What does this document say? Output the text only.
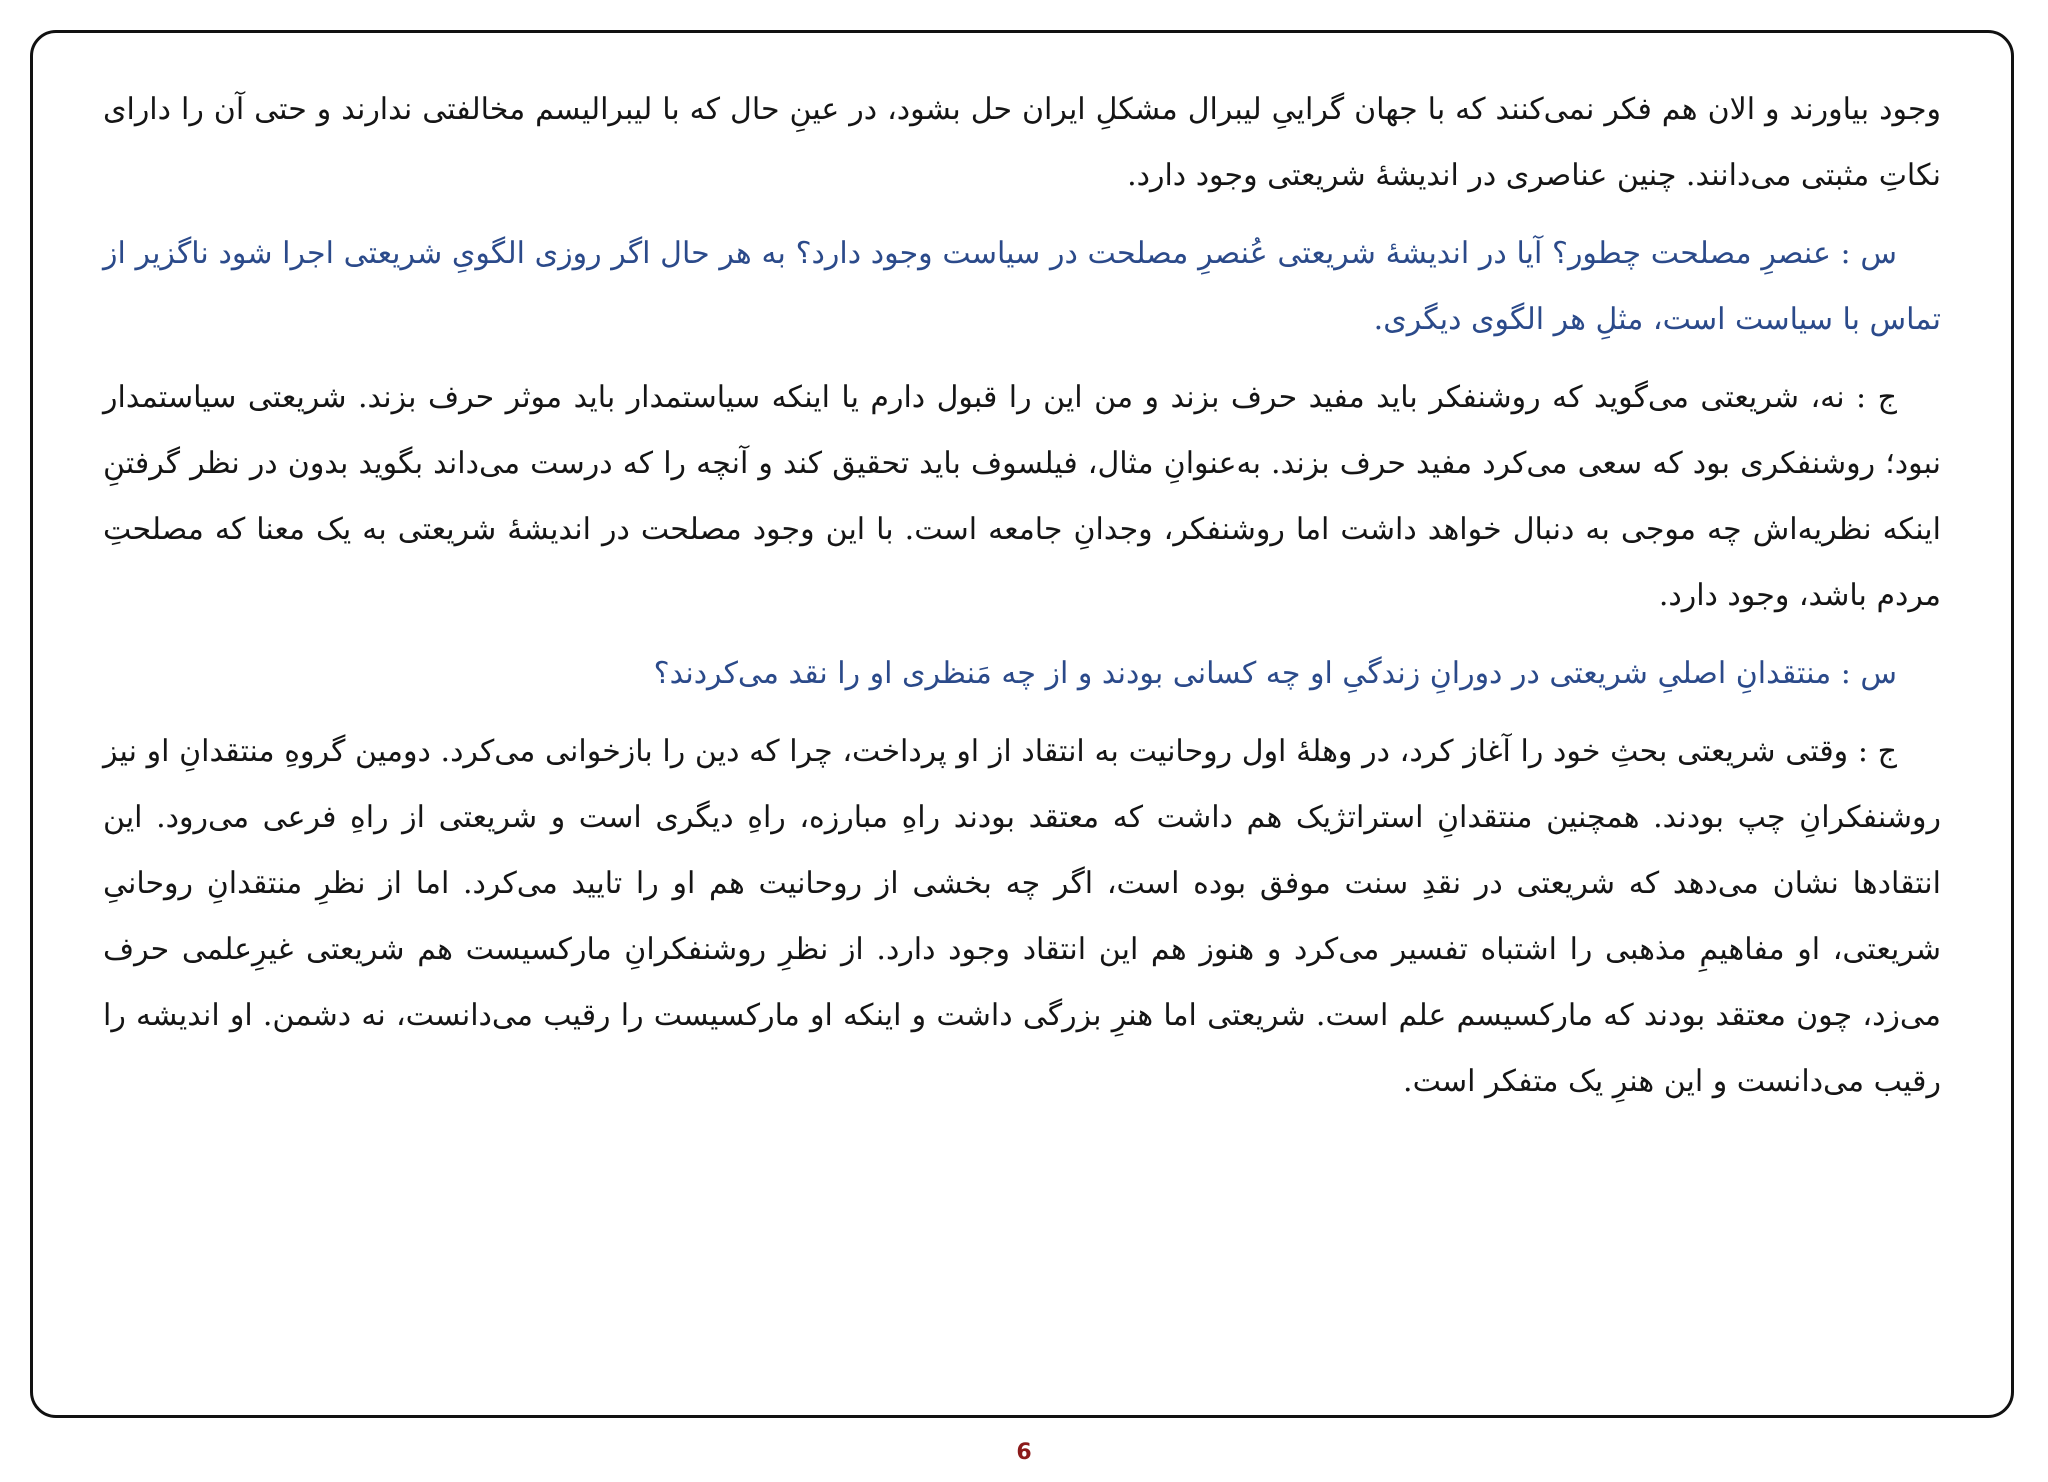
وجود بیاورند و الان هم فکر نمی‌کنند که با جهان گراییِ لیبرال مشکلِ ایران حل بشود، در عینِ حال که با لیبرالیسم مخالفتی ندارند و حتی آن را دارای نکاتِ مثبتی می‌دانند. چنین عناصری در اندیشهٔ شریعتی وجود دارد.

س : عنصرِ مصلحت چطور؟ آیا در اندیشهٔ شریعتی عُنصرِ مصلحت در سیاست وجود دارد؟ به هر حال اگر روزی الگویِ شریعتی اجرا شود ناگزیر از تماس با سیاست است، مثلِ هر الگوی دیگری.

ج : نه، شریعتی می‌گوید که روشنفکر باید مفید حرف بزند و من این را قبول دارم یا اینکه سیاستمدار باید موثر حرف بزند. شریعتی سیاستمدار نبود؛ روشنفکری بود که سعی می‌کرد مفید حرف بزند. به‌عنوانِ مثال، فیلسوف باید تحقیق کند و آنچه را که درست می‌داند بگوید بدون در نظر گرفتنِ اینکه نظریه‌اش چه موجی به دنبال خواهد داشت اما روشنفکر، وجدانِ جامعه است. با این وجود مصلحت در اندیشهٔ شریعتی به یک معنا که مصلحتِ مردم باشد، وجود دارد.

س : منتقدانِ اصلیِ شریعتی در دورانِ زندگیِ او چه کسانی بودند و از چه مَنظری او را نقد می‌کردند؟

ج : وقتی شریعتی بحثِ خود را آغاز کرد، در وهلهٔ اول روحانیت به انتقاد از او پرداخت، چرا که دین را بازخوانی می‌کرد. دومین گروهِ منتقدانِ او نیز روشنفکرانِ چپ بودند. همچنین منتقدانِ استراتژیک هم داشت که معتقد بودند راهِ مبارزه، راهِ دیگری است و شریعتی از راهِ فرعی می‌رود. این انتقادها نشان می‌دهد که شریعتی در نقدِ سنت موفق بوده است، اگر چه بخشی از روحانیت هم او را تایید می‌کرد. اما از نظرِ منتقدانِ روحانیِ شریعتی، او مفاهیمِ مذهبی را اشتباه تفسیر می‌کرد و هنوز هم این انتقاد وجود دارد. از نظرِ روشنفکرانِ مارکسیست هم شریعتی غیرِعلمی حرف می‌زد، چون معتقد بودند که مارکسیسم علم است. شریعتی اما هنرِ بزرگی داشت و اینکه او مارکسیست را رقیب می‌دانست، نه دشمن. او اندیشه را رقیب می‌دانست و این هنرِ یک متفکر است.

6
